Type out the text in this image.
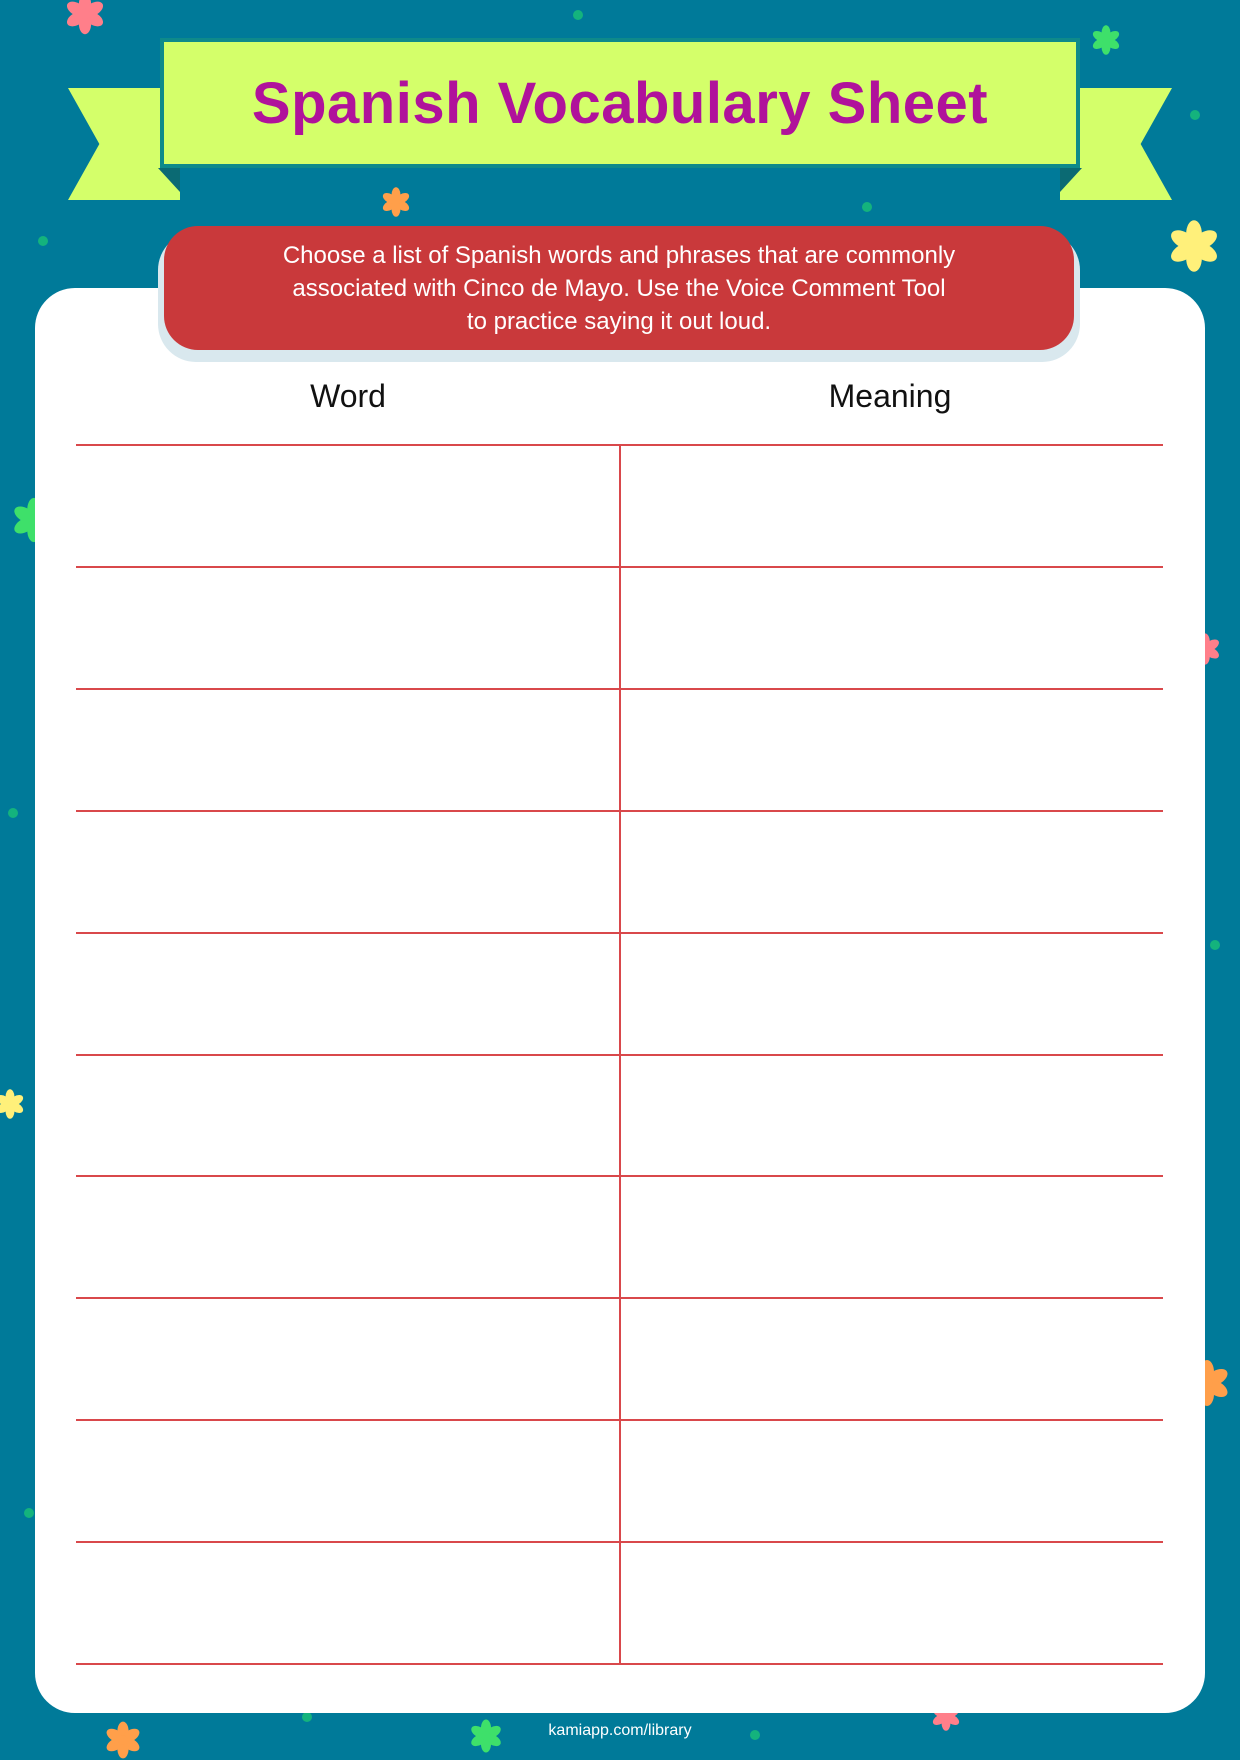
Spanish Vocabulary Sheet

Choose a list of Spanish words and phrases that are commonly

associated with Cinco de Mayo. Use the Voice Comment Tool

to practice saying it out loud.

Word	Meaning
kamiapp.com/library
